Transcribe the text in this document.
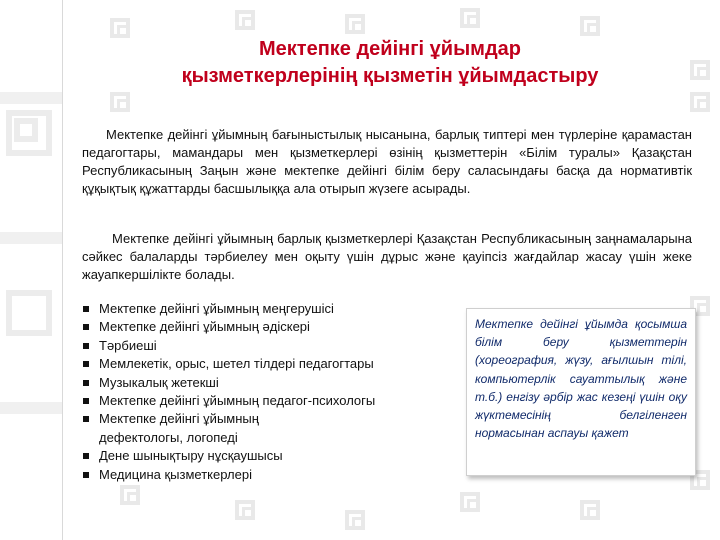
Мектепке дейінгі ұйымдар
қызметкерлерінің қызметін ұйымдастыру
Мектепке дейінгі ұйымның бағыныстылық нысанына, барлық типтері мен түрлеріне қарамастан педагогтары, мамандары мен қызметкерлері өзінің қызметтерін «Білім туралы» Қазақстан Республикасының Заңын және мектепке дейінгі білім беру саласындағы басқа да нормативтік құқықтық құжаттарды басшылыққа ала отырып жүзеге асырады.
Мектепке дейінгі ұйымның барлық қызметкерлері Қазақстан Республикасының заңнамаларына сәйкес балаларды тәрбиелеу мен оқыту үшін дұрыс және қауіпсіз жағдайлар жасау үшін жеке жауапкершілікте болады.
Мектепке дейінгі ұйымның меңгерушісі
Мектепке дейінгі ұйымның әдіскері
Тәрбиеші
Мемлекетік, орыс, шетел тілдері педагогтары
Музыкалық жетекші
Мектепке дейінгі ұйымның педагог-психологы
Мектепке дейінгі ұйымның дефектологы, логопеді
Дене шынықтыру нұсқаушысы
Медицина қызметкерлері
Мектепке дейінгі ұйымда қосымша білім беру қызметтерін (хореография, жүзу, ағылшын тілі, компьютерлік сауаттылық және т.б.) енгізу әрбір жас кезеңі үшін оқу жүктемесінің белгіленген нормасынан аспауы қажет
